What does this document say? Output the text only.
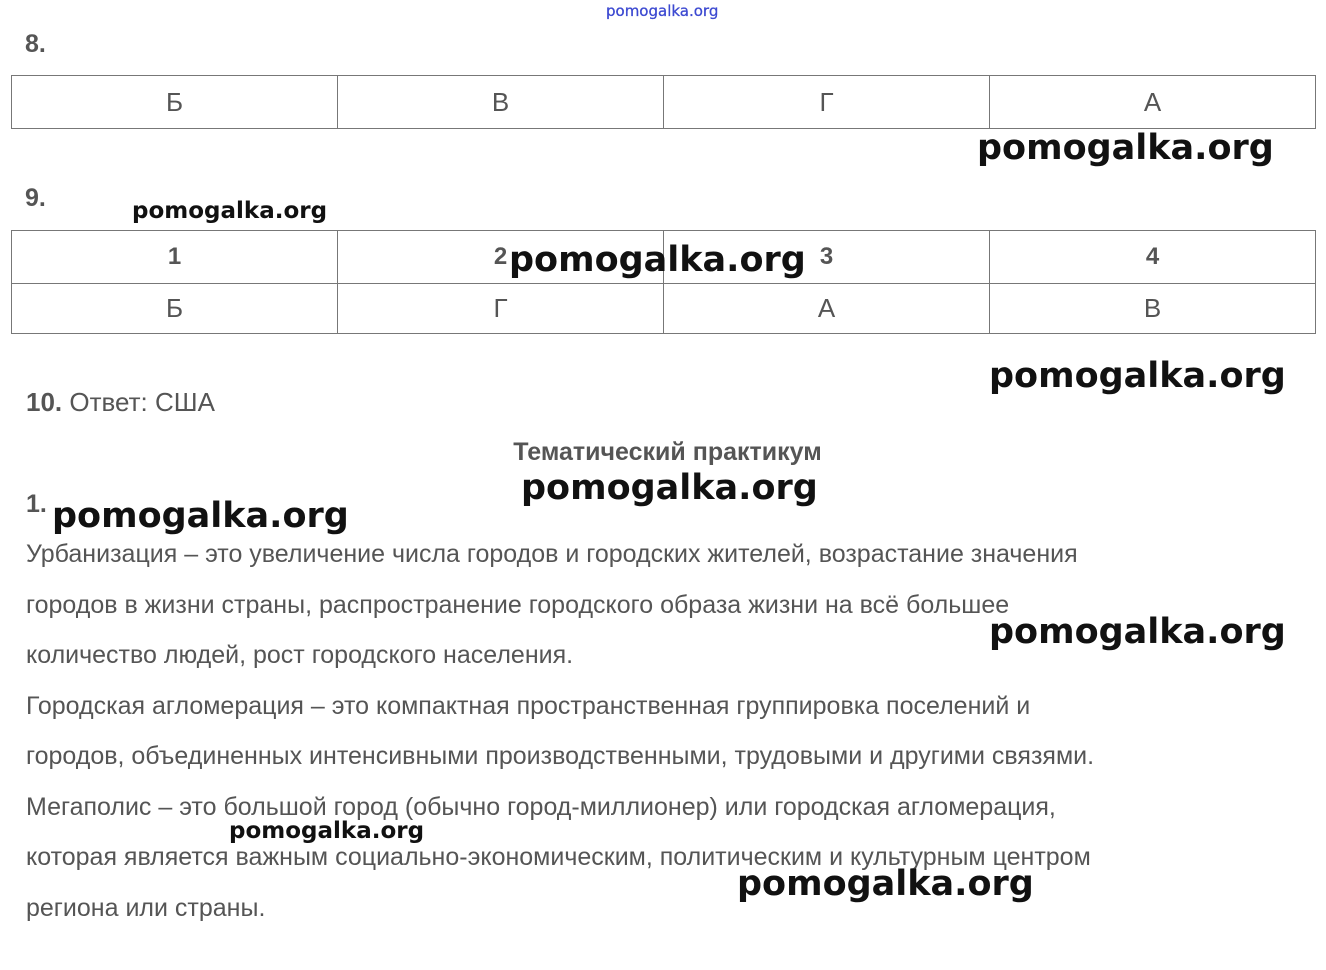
pomogalka.org
8.
Б	В	Г	А
9.
1	2	3	4
Б	Г	А	В
10. Ответ: США
Тематический практикум
1.
Урбанизация – это увеличение числа городов и городских жителей, возрастание значения
городов в жизни страны, распространение городского образа жизни на всё большее
количество людей, рост городского населения.
Городская агломерация – это компактная пространственная группировка поселений и
городов, объединенных интенсивными производственными, трудовыми и другими связями.
Мегаполис – это большой город (обычно город-миллионер) или городская агломерация,
которая является важным социально-экономическим, политическим и культурным центром
региона или страны.
pomogalka.org
pomogalka.org
pomogalka.org
pomogalka.org
pomogalka.org
pomogalka.org
pomogalka.org
pomogalka.org
pomogalka.org
